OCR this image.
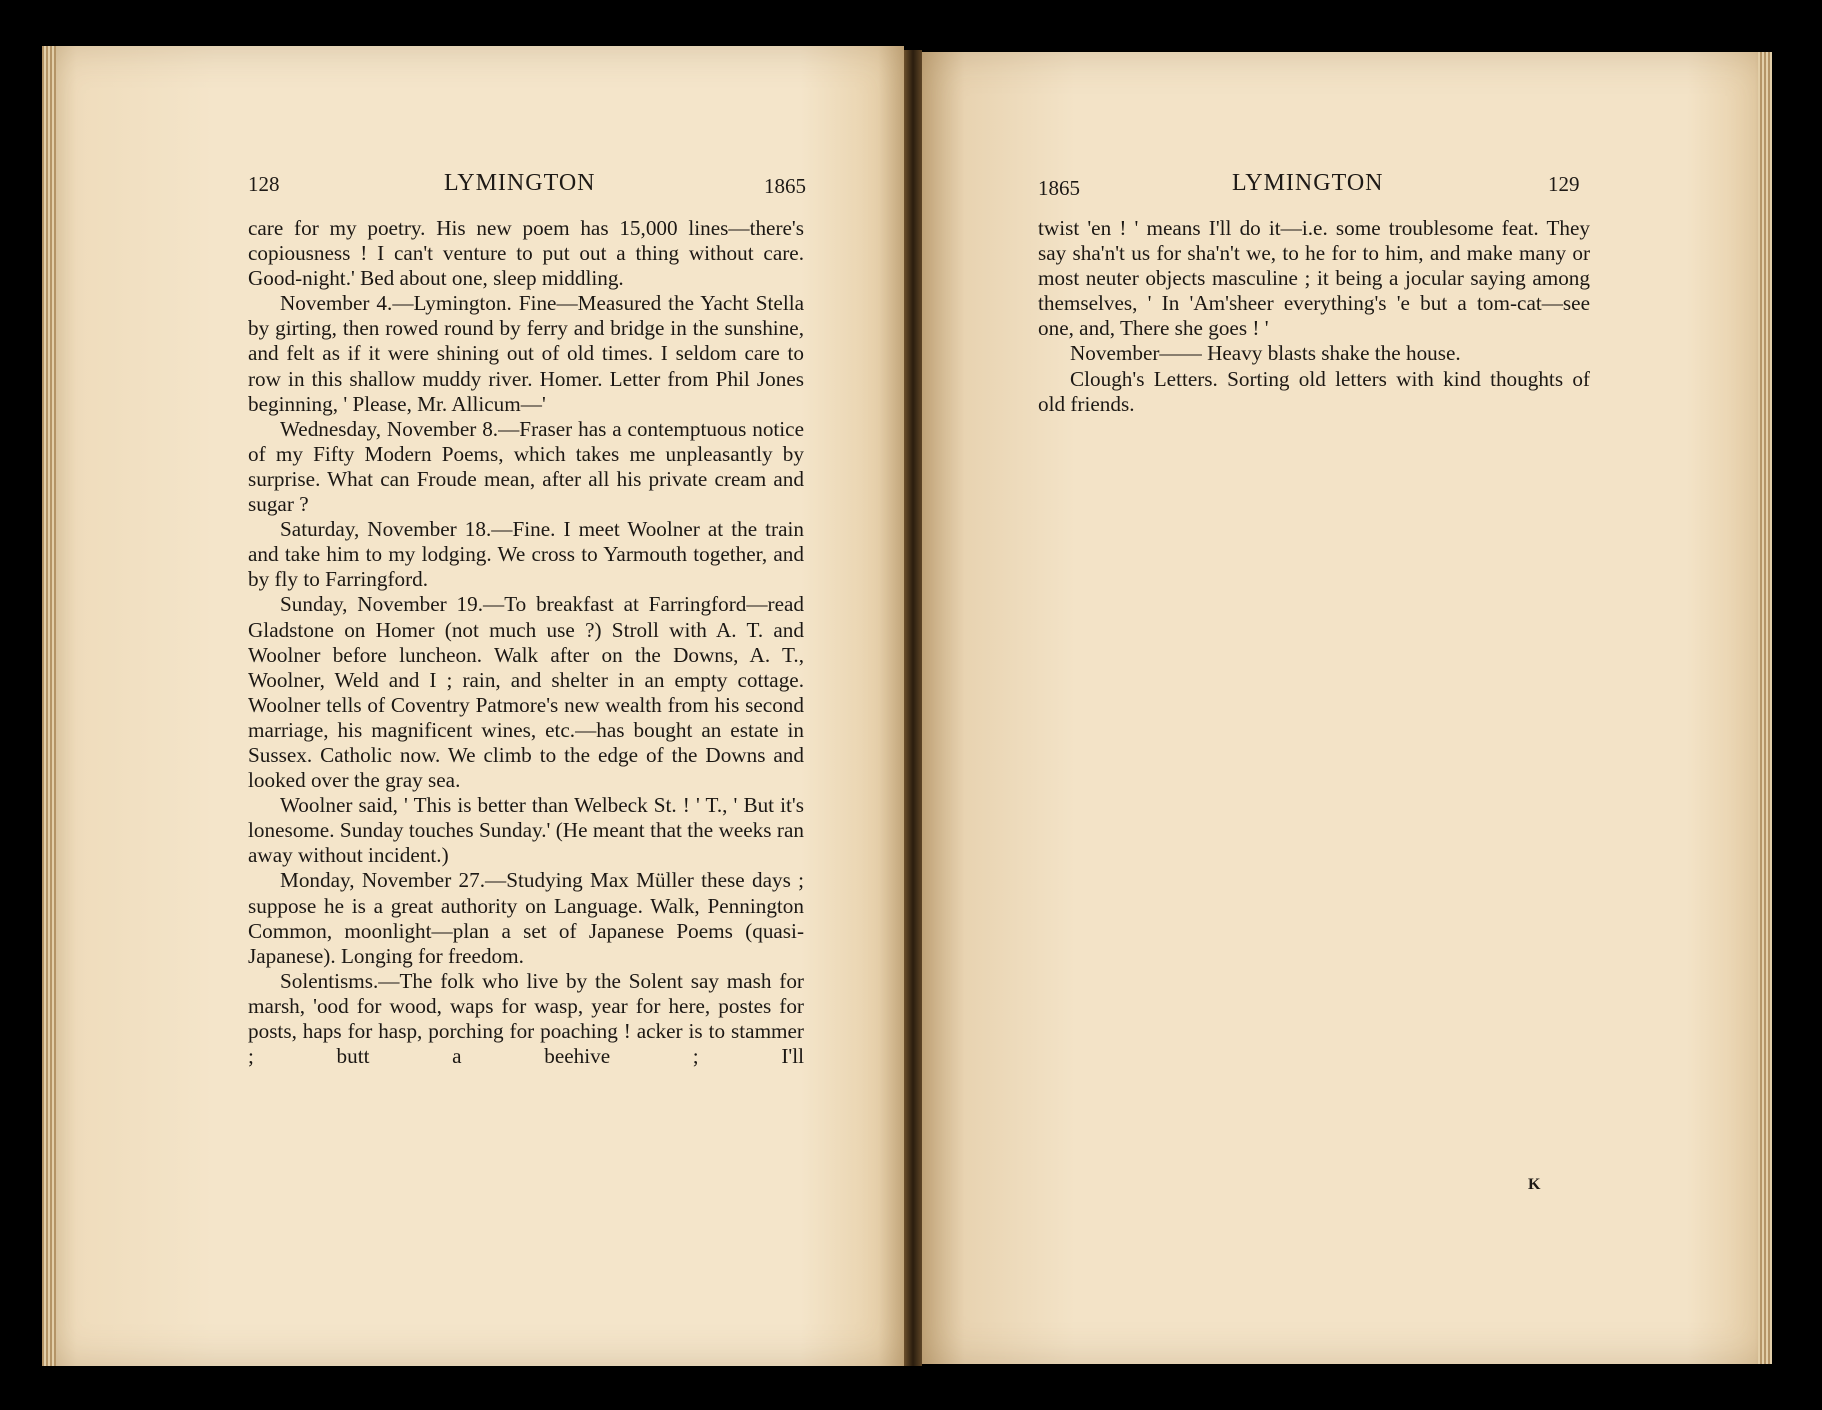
128	LYMINGTON	1865

care for my poetry. His new poem has 15,000 lines—there's copiousness ! I can't venture to put out a thing without care. Good-night.' Bed about one, sleep middling.

November 4.—Lymington. Fine—Measured the Yacht Stella by girting, then rowed round by ferry and bridge in the sunshine, and felt as if it were shining out of old times. I seldom care to row in this shallow muddy river. Homer. Letter from Phil Jones beginning, ' Please, Mr. Allicum—'

Wednesday, November 8.—Fraser has a contemptuous notice of my Fifty Modern Poems, which takes me unpleasantly by surprise. What can Froude mean, after all his private cream and sugar ?

Saturday, November 18.—Fine. I meet Woolner at the train and take him to my lodging. We cross to Yarmouth together, and by fly to Farringford.

Sunday, November 19.—To breakfast at Farringford—read Gladstone on Homer (not much use ?) Stroll with A. T. and Woolner before luncheon. Walk after on the Downs, A. T., Woolner, Weld and I ; rain, and shelter in an empty cottage. Woolner tells of Coventry Patmore's new wealth from his second marriage, his magnificent wines, etc.—has bought an estate in Sussex. Catholic now. We climb to the edge of the Downs and looked over the gray sea.

Woolner said, ' This is better than Welbeck St. ! ' T., ' But it's lonesome. Sunday touches Sunday.' (He meant that the weeks ran away without incident.)

Monday, November 27.—Studying Max Müller these days ; suppose he is a great authority on Language. Walk, Pennington Common, moonlight—plan a set of Japanese Poems (quasi-Japanese). Longing for freedom.

Solentisms.—The folk who live by the Solent say mash for marsh, 'ood for wood, waps for wasp, year for here, postes for posts, haps for hasp, porching for poaching ! acker is to stammer ; butt a beehive ; I'll

1865	LYMINGTON	129

twist 'en ! ' means I'll do it—i.e. some troublesome feat. They say sha'n't us for sha'n't we, to he for to him, and make many or most neuter objects masculine ; it being a jocular saying among themselves, ' In 'Am'sheer everything's 'e but a tom-cat—see one, and, There she goes ! '

November—— Heavy blasts shake the house.

Clough's Letters. Sorting old letters with kind thoughts of old friends.

K
